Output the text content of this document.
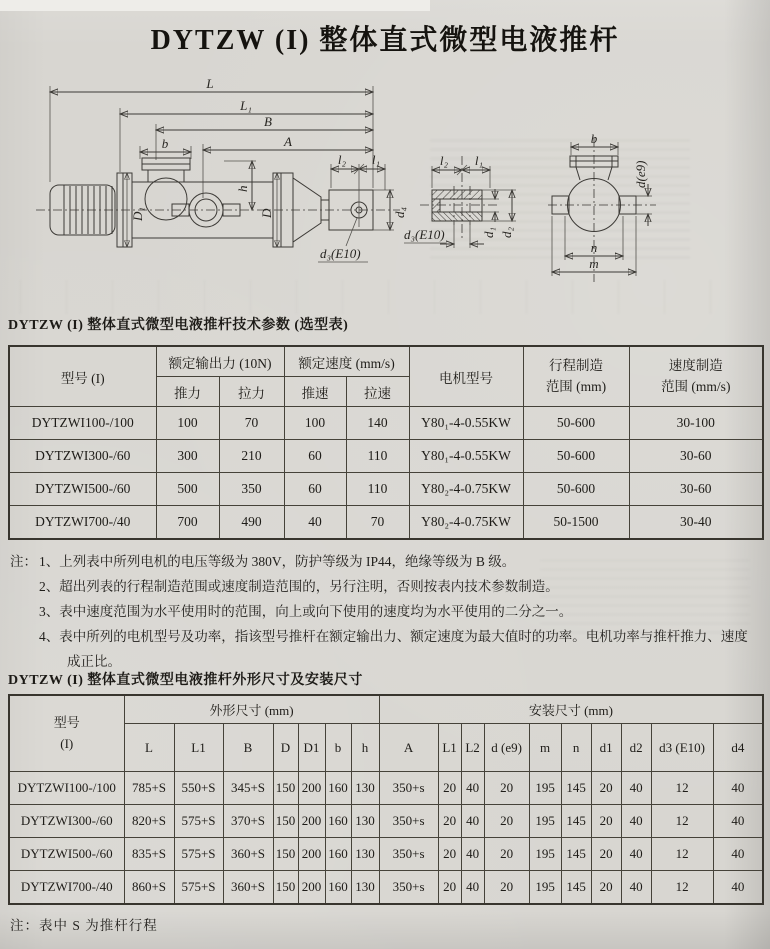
DYTZW (I) 整体直式微型电液推杆
L
L₁
B
A
b
D₁
h
D
l₂ l₁
d₄
d₃(E10)
l₂ l₁
d₁ d₂
d₃(E10)
b
d(e9)
n
m
DYTZW (I) 整体直式微型电液推杆技术参数 (选型表)
型号 (I)	额定输出力 (10N)		额定速度 (mm/s)		电机型号	行程制造
范围 (mm)	速度制造
范围 (mm/s)

	推力	拉力	推速	拉速			
DYTZWI100-/100	100	70	100	140	Y80₁-4-0.55KW	50-600	30-100
DYTZWI300-/60	300	210	60	110	Y80₁-4-0.55KW	50-600	30-60
DYTZWI500-/60	500	350	60	110	Y80₂-4-0.75KW	50-600	30-60
DYTZWI700-/40	700	490	40	70	Y80₂-4-0.75KW	50-1500	30-40
注： 1、上列表中所列电机的电压等级为 380V，防护等级为 IP44，绝缘等级为 B 级。
2、超出列表的行程制造范围或速度制造范围的，另行注明，否则按表内技术参数制造。
3、表中速度范围为水平使用时的范围，向上或向下使用的速度均为水平使用的二分之一。
4、表中所列的电机型号及功率，指该型号推杆在额定输出力、额定速度为最大值时的功率。电机功率与推杆推力、速度成正比。
DYTZW (I) 整体直式微型电液推杆外形尺寸及安装尺寸
型号
(I)	外形尺寸 (mm)							安装尺寸 (mm)									
	L	L1	B	D	D1	b	h	A	L1	L2	d (e9)	m	n	d1	d2	d3 (E10)	d4
DYTZWI100-/100	785+S	550+S	345+S	150	200	160	130	350+s	20	40	20	195	145	20	40	12	40
DYTZWI300-/60	820+S	575+S	370+S	150	200	160	130	350+s	20	40	20	195	145	20	40	12	40
DYTZWI500-/60	835+S	575+S	360+S	150	200	160	130	350+s	20	40	20	195	145	20	40	12	40
DYTZWI700-/40	860+S	575+S	360+S	150	200	160	130	350+s	20	40	20	195	145	20	40	12	40
注：表中 S 为推杆行程
